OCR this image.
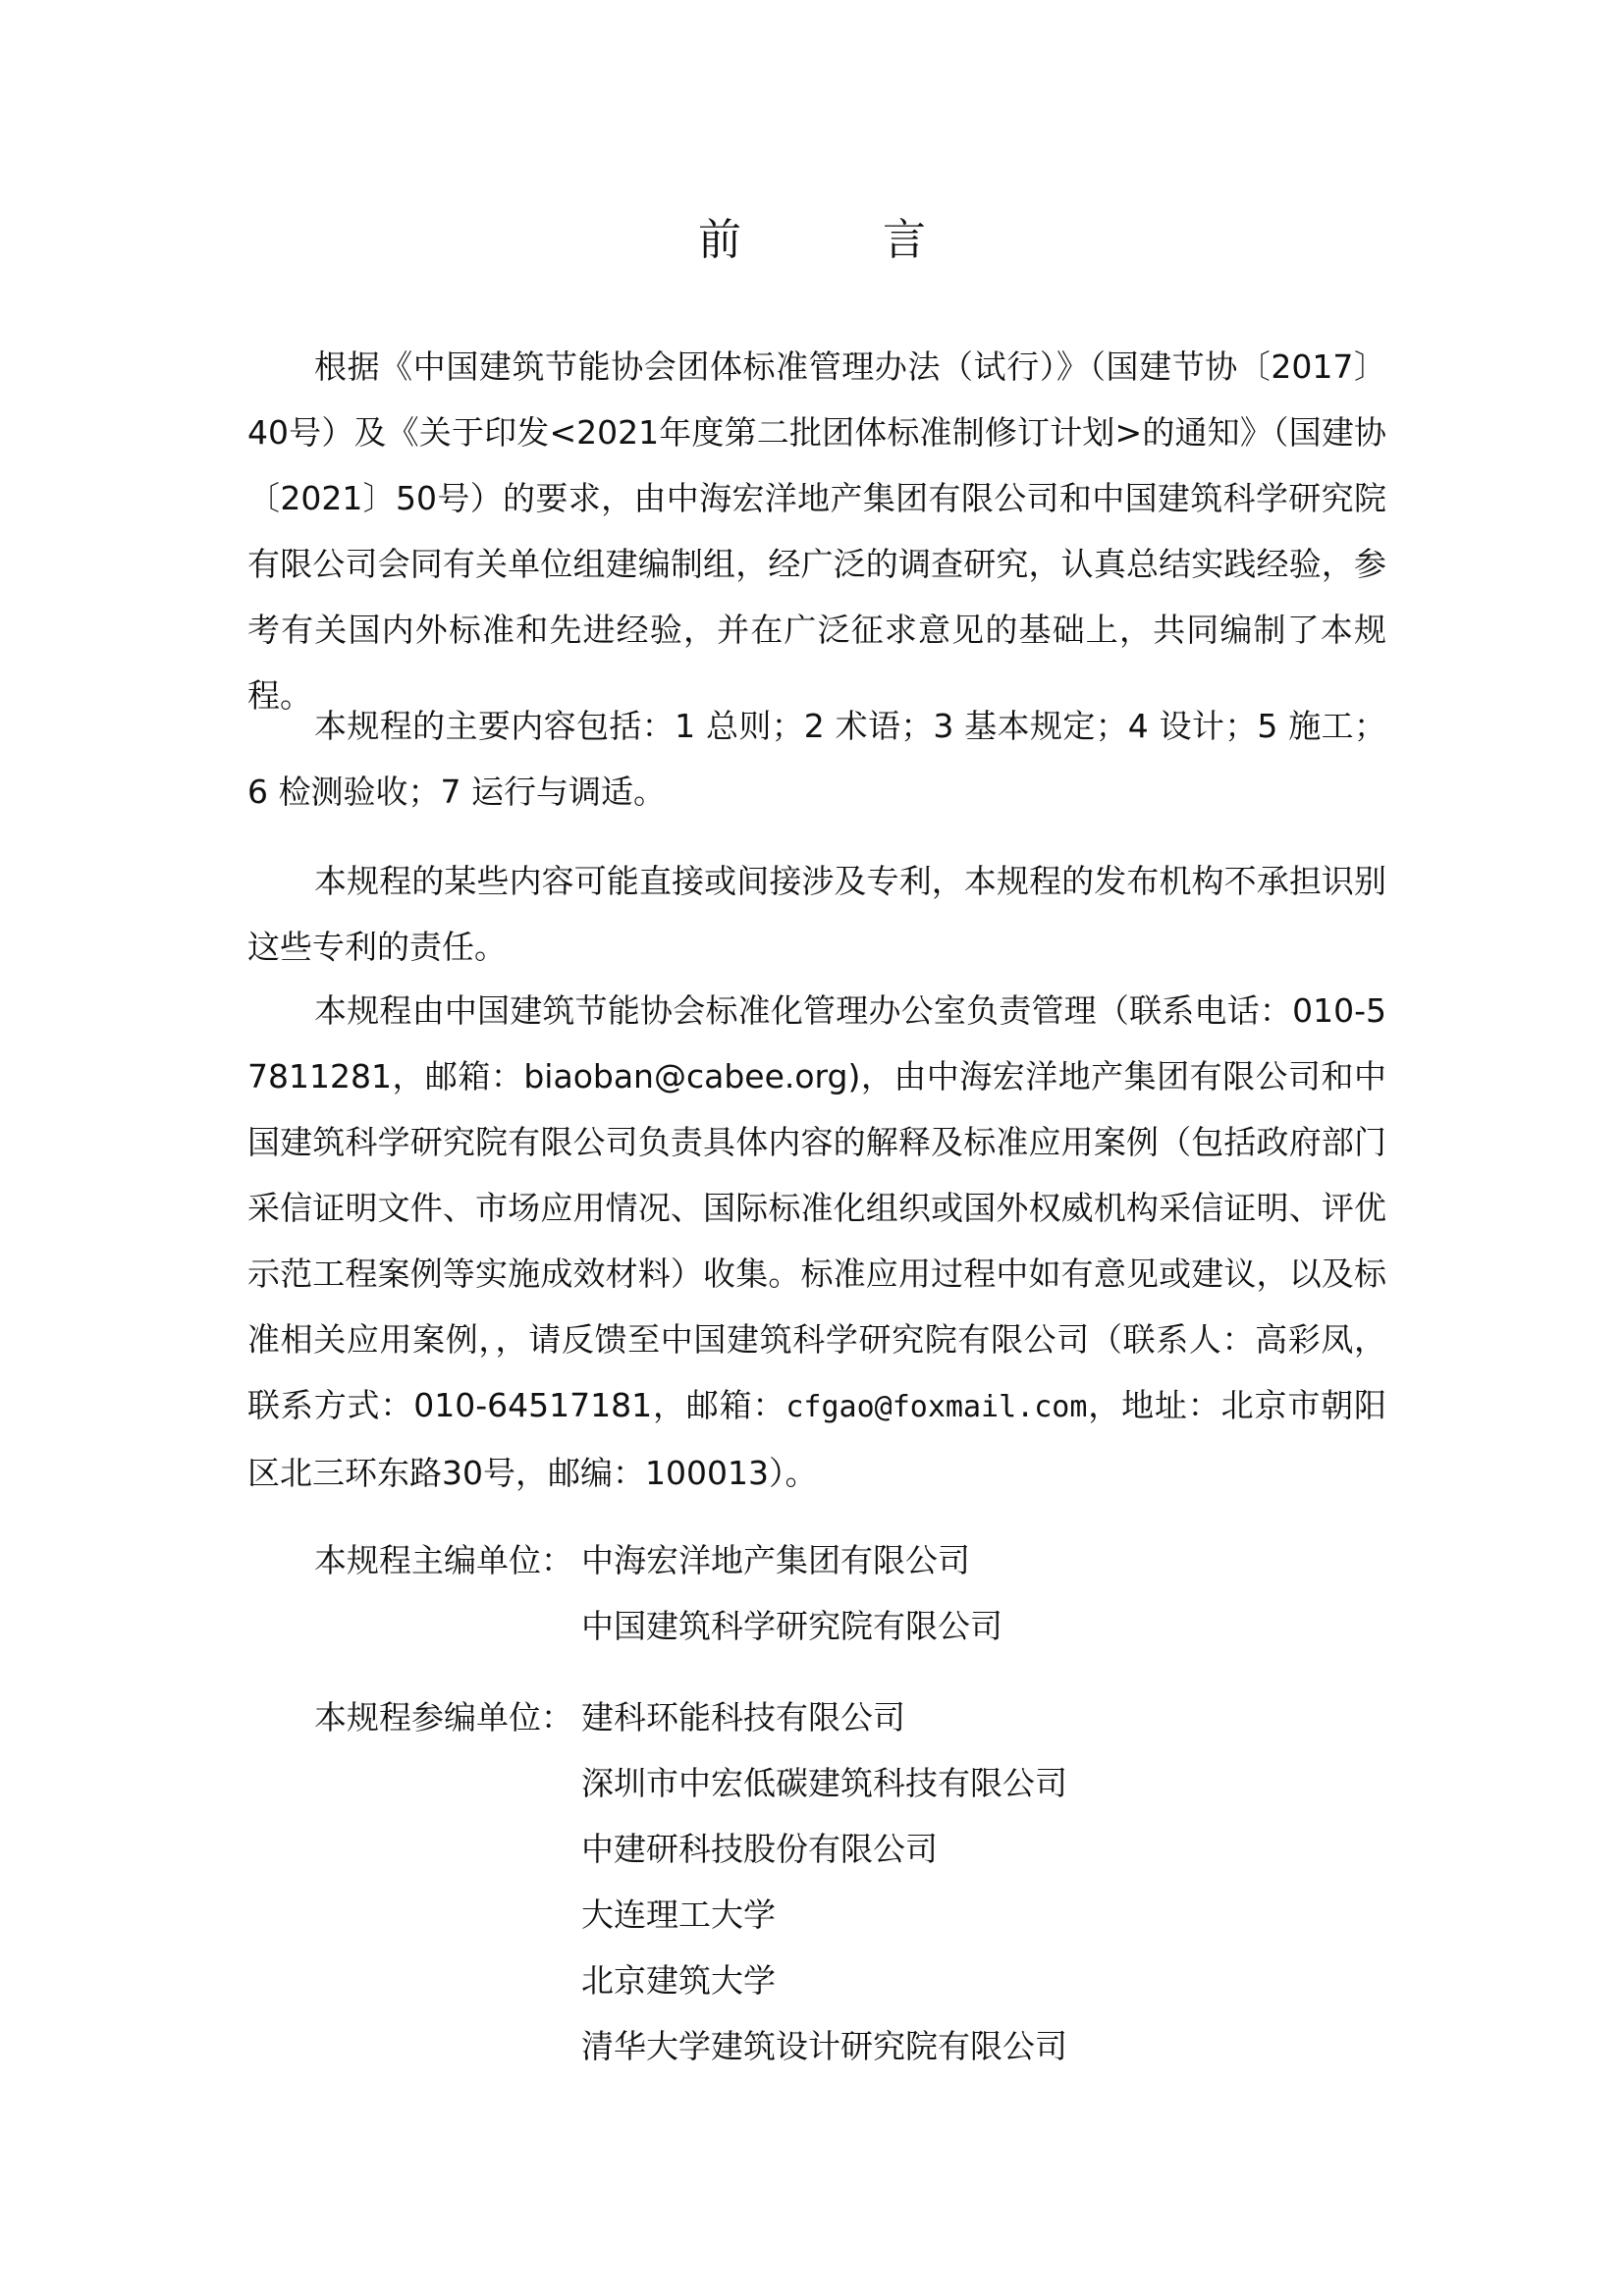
前　言

根据《中国建筑节能协会团体标准管理办法（试行）》（国建节协〔2017〕40号）及《关于印发<2021年度第二批团体标准制修订计划>的通知》（国建协〔2021〕50号）的要求，由中海宏洋地产集团有限公司和中国建筑科学研究院有限公司会同有关单位组建编制组，经广泛的调查研究，认真总结实践经验，参考有关国内外标准和先进经验，并在广泛征求意见的基础上，共同编制了本规程。

本规程的主要内容包括：1 总则；2 术语；3 基本规定；4 设计；5 施工；6 检测验收；7 运行与调适。

本规程的某些内容可能直接或间接涉及专利，本规程的发布机构不承担识别这些专利的责任。

本规程由中国建筑节能协会标准化管理办公室负责管理（联系电话：010-57811281，邮箱：biaoban@cabee.org)，由中海宏洋地产集团有限公司和中国建筑科学研究院有限公司负责具体内容的解释及标准应用案例（包括政府部门采信证明文件、市场应用情况、国际标准化组织或国外权威机构采信证明、评优示范工程案例等实施成效材料）收集。标准应用过程中如有意见或建议，以及标准相关应用案例，，请反馈至中国建筑科学研究院有限公司（联系人：高彩凤，联系方式：010-64517181，邮箱：cfgao@foxmail.com，地址：北京市朝阳区北三环东路30号，邮编：100013）。

本规程主编单位： 中海宏洋地产集团有限公司
中国建筑科学研究院有限公司
本规程参编单位： 建科环能科技有限公司
深圳市中宏低碳建筑科技有限公司
中建研科技股份有限公司
大连理工大学
北京建筑大学
清华大学建筑设计研究院有限公司
